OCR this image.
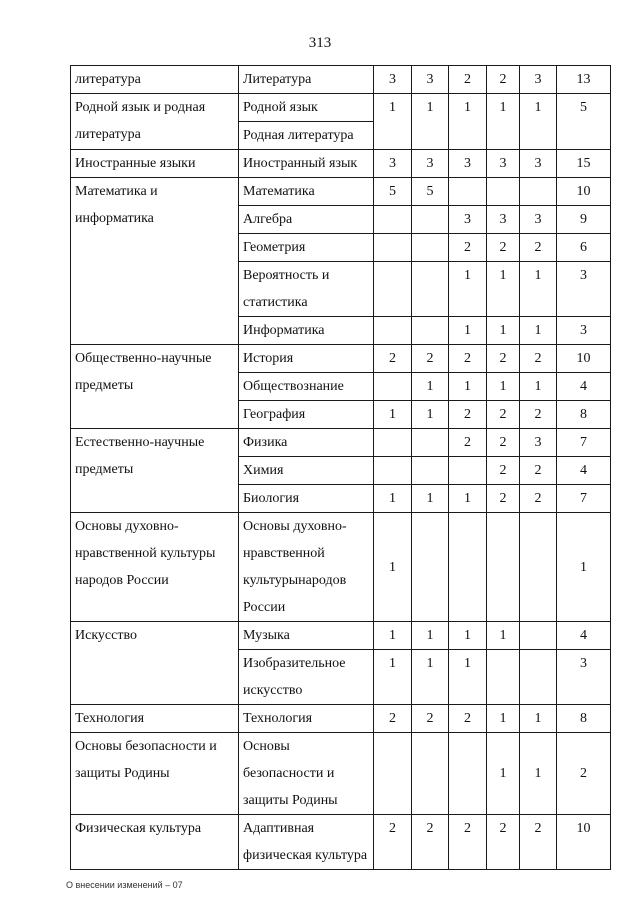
313
литература	Литература	3	3	2	2	3	13
Родной язык и родная литература	Родной язык	1	1	1	1	1	5
	Родная литература						
Иностранные языки	Иностранный язык	3	3	3	3	3	15
Математика и информатика	Математика	5	5				10
	Алгебра			3	3	3	9
	Геометрия			2	2	2	6
	Вероятность и статистика			1	1	1	3
	Информатика			1	1	1	3
Общественно-научные предметы	История	2	2	2	2	2	10
	Обществознание		1	1	1	1	4
	География	1	1	2	2	2	8
Естественно-научные предметы	Физика			2	2	3	7
	Химия				2	2	4
	Биология	1	1	1	2	2	7
Основы духовно-нравственной культуры народов России	Основы духовно-нравственной культурынародов России	1					1
Искусство	Музыка	1	1	1	1		4
	Изобразительное искусство	1	1	1			3
Технология	Технология	2	2	2	1	1	8
Основы безопасности и защиты Родины	Основы безопасности и защиты Родины				1	1	2
Физическая культура	Адаптивная физическая культура	2	2	2	2	2	10
О внесении изменений – 07
